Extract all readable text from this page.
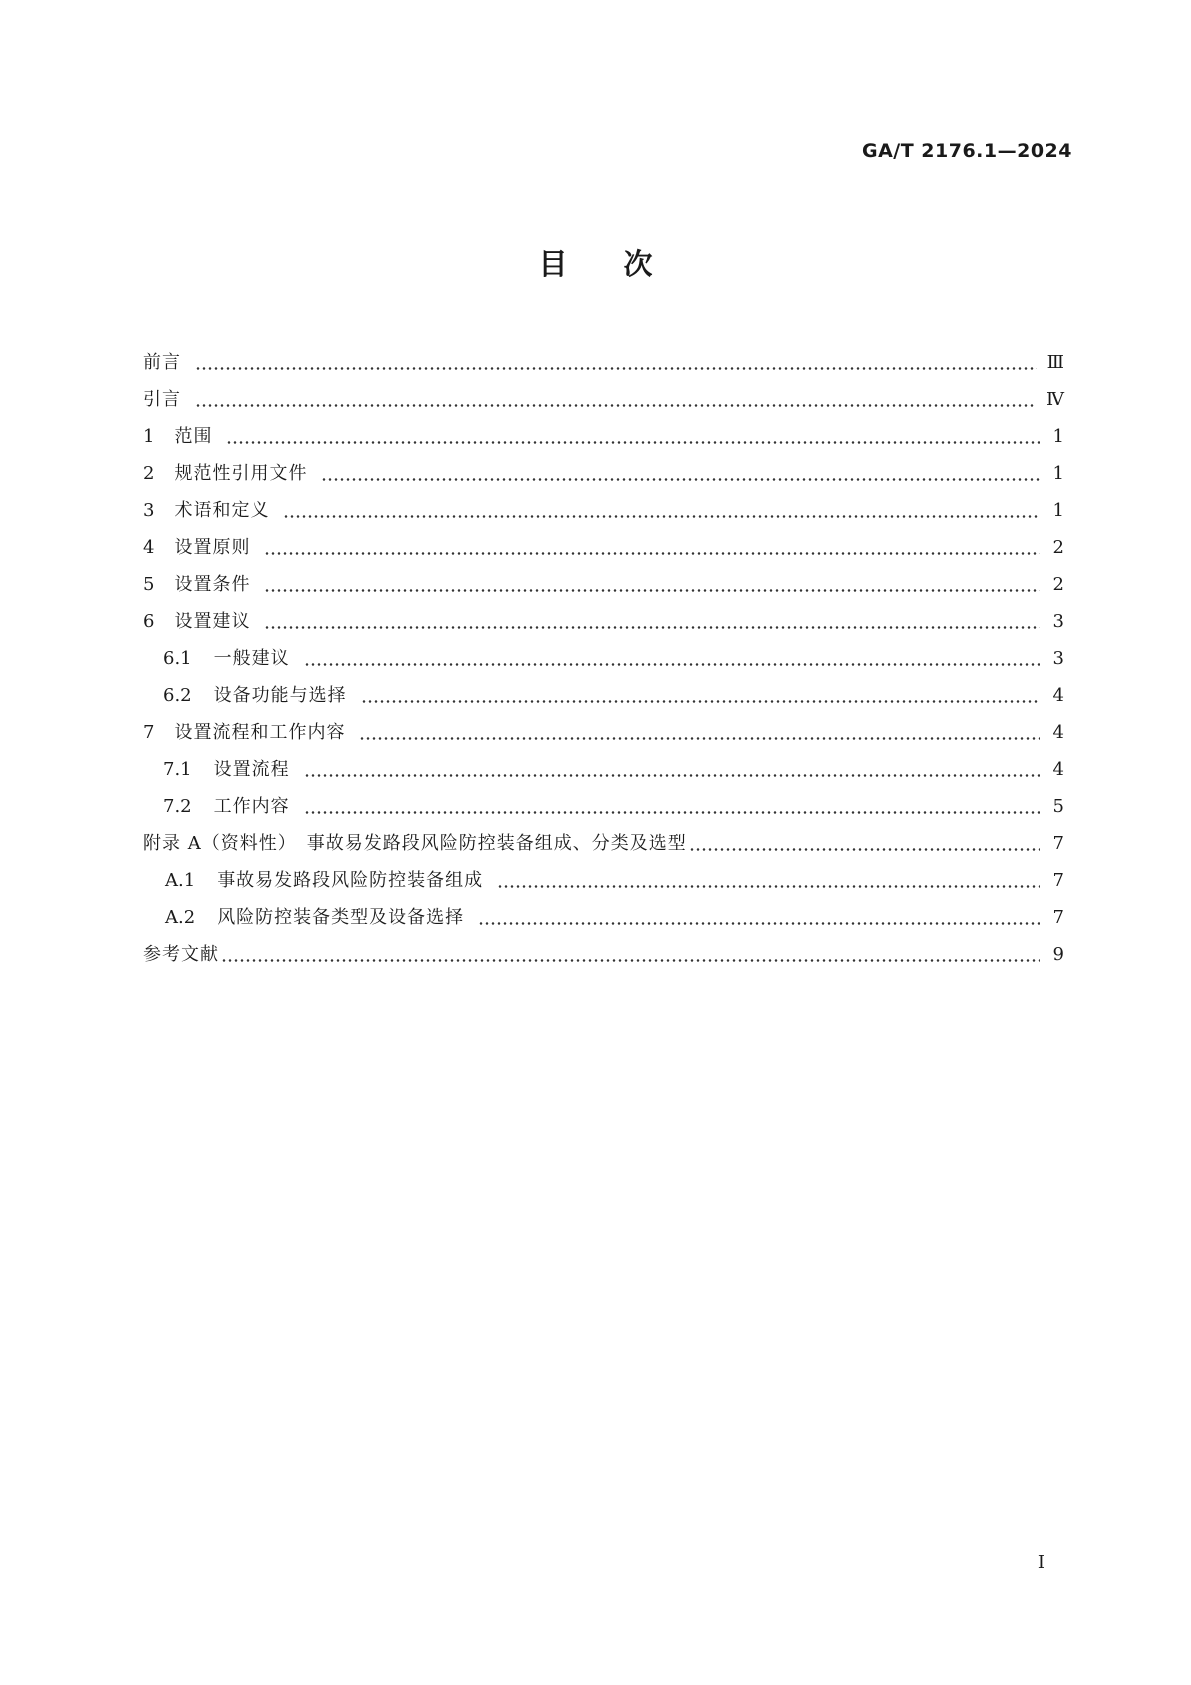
GA/T 2176.1—2024
目次
前言	Ⅲ
引言	Ⅳ
1 范围	1
2 规范性引用文件	1
3 术语和定义	1
4 设置原则	2
5 设置条件	2
6 设置建议	3
6.1 一般建议	3
6.2 设备功能与选择	4
7 设置流程和工作内容	4
7.1 设置流程	4
7.2 工作内容	5
附录 A（资料性）　事故易发路段风险防控装备组成、分类及选型	7
A.1 事故易发路段风险防控装备组成	7
A.2 风险防控装备类型及设备选择	7
参考文献	9
Ⅰ
